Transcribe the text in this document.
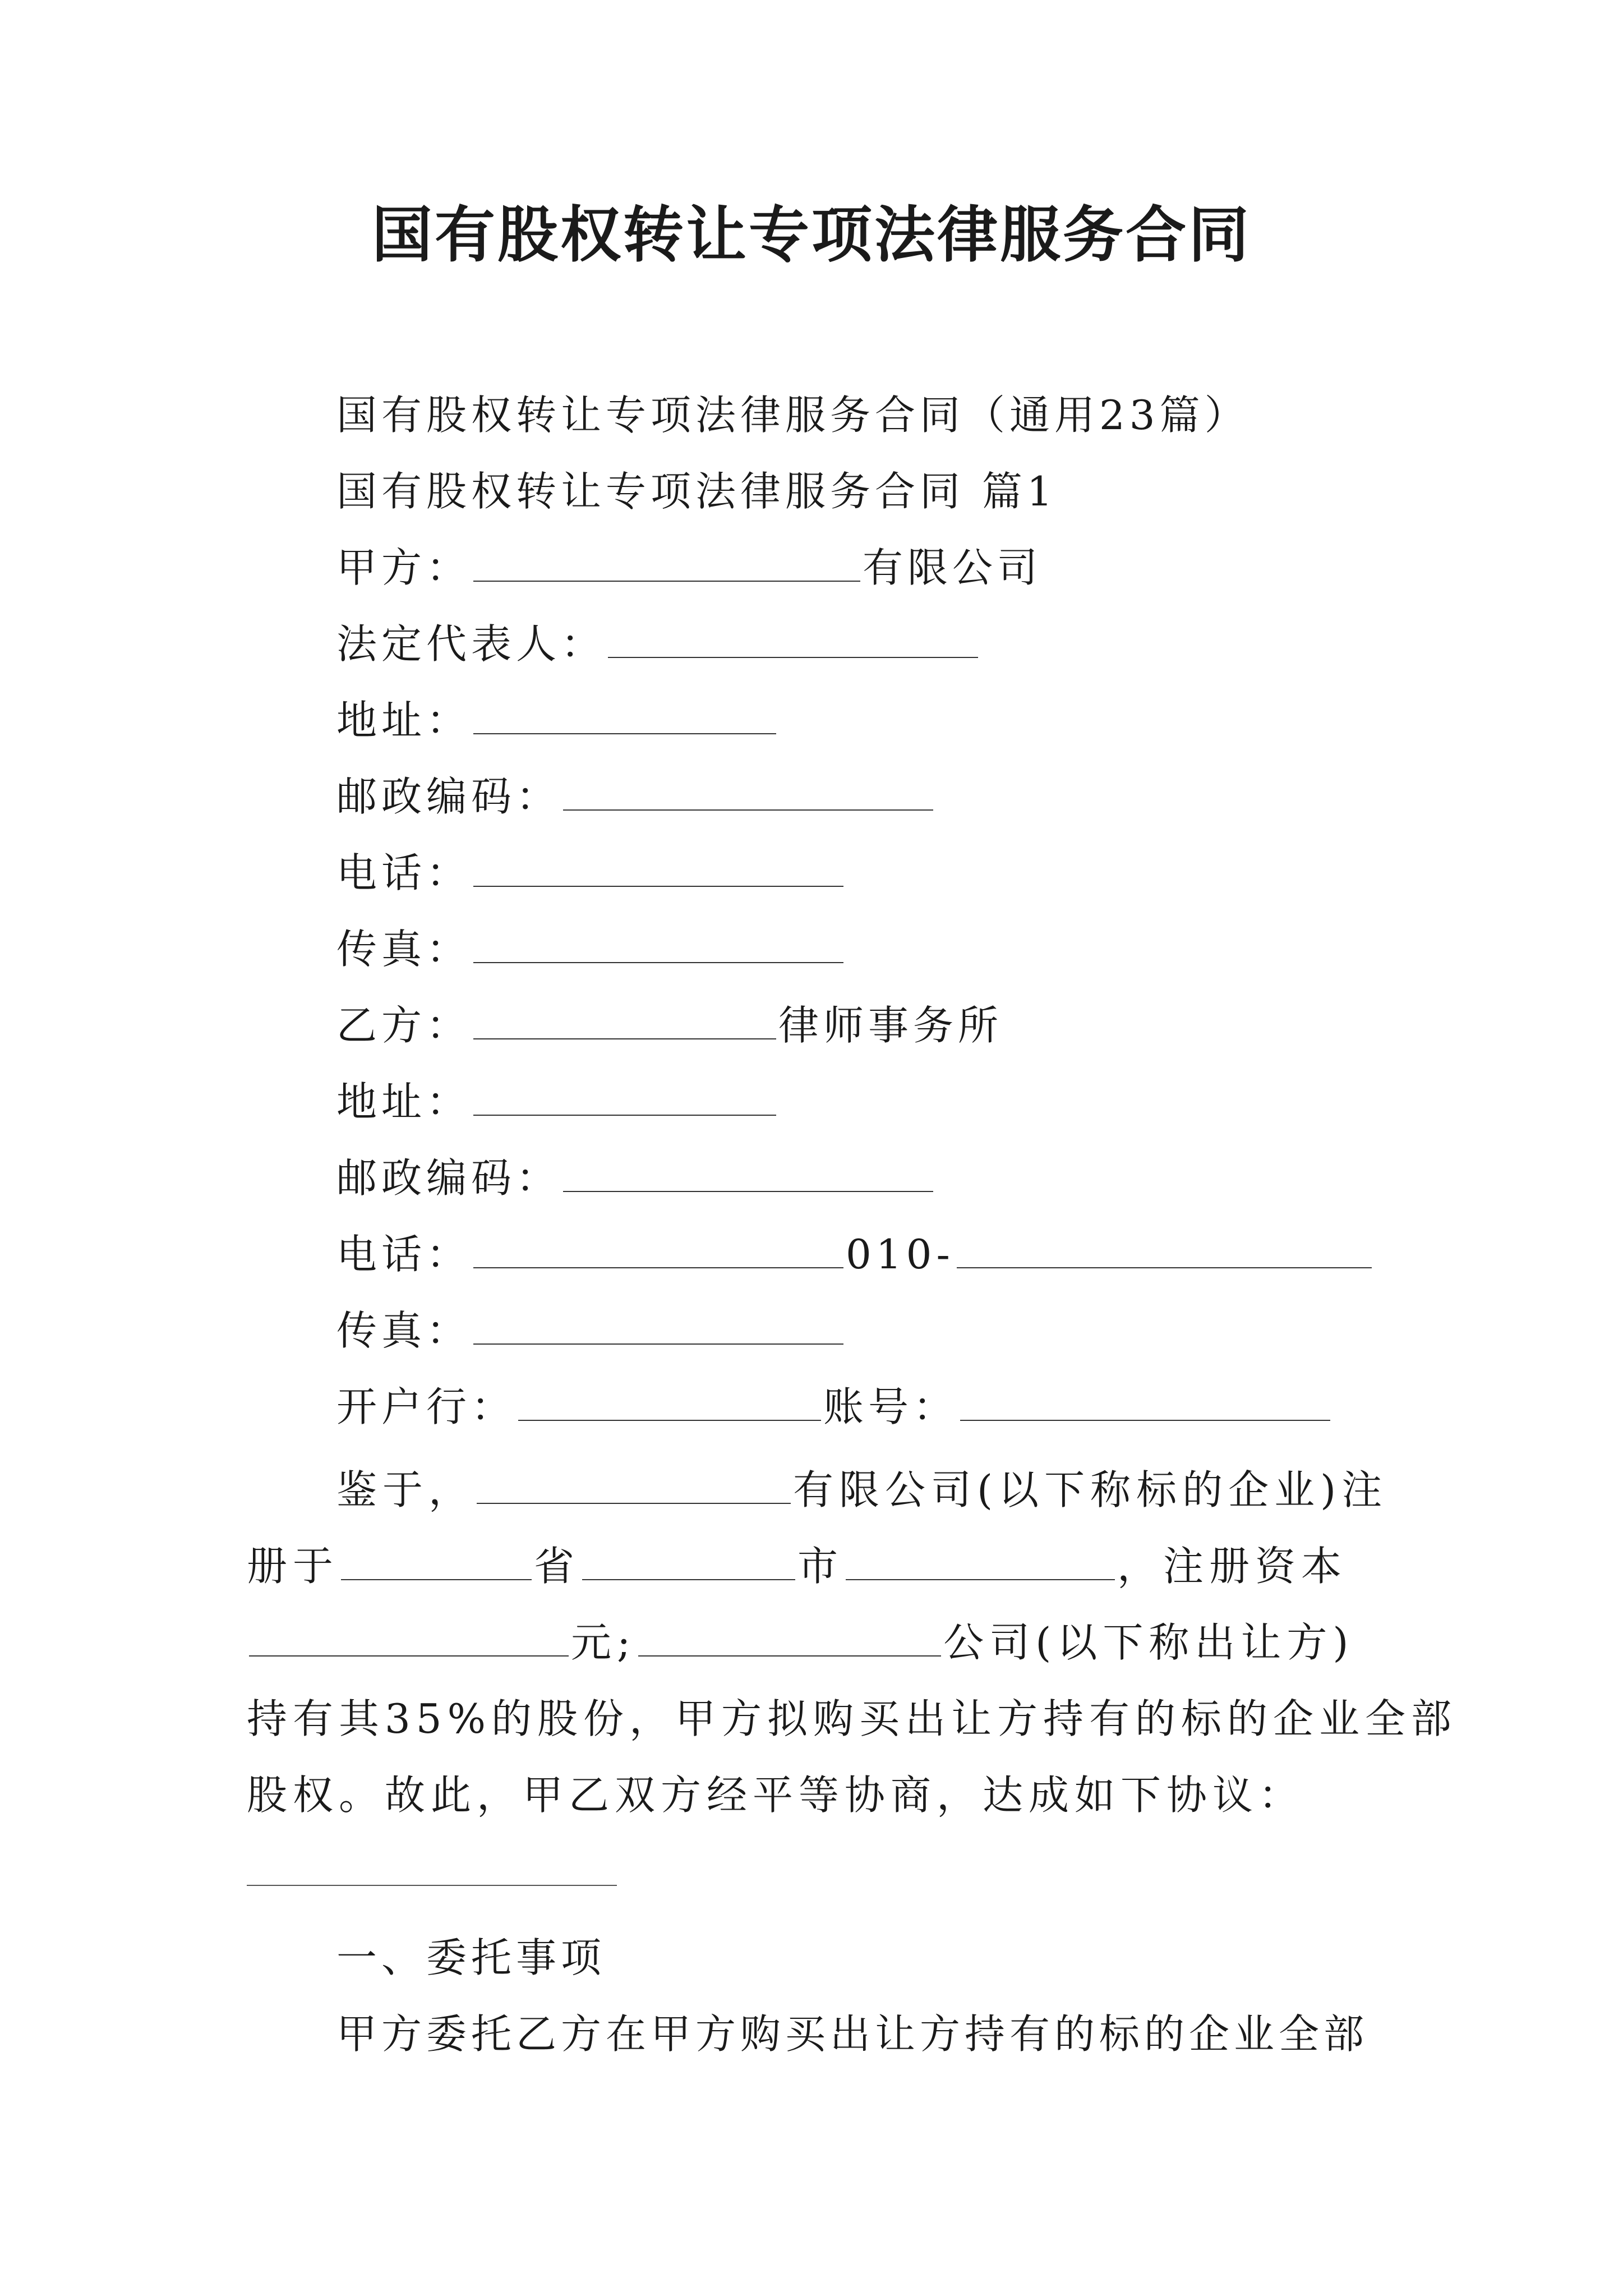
国有股权转让专项法律服务合同
国有股权转让专项法律服务合同（通用23篇）
国有股权转让专项法律服务合同 篇1
甲方：	有限公司
法定代表人：
地址：
邮政编码：
电话：
传真：
乙方：	律师事务所
地址：
邮政编码：
电话：	010-
传真：
开户行：	账号：

鉴于，	有限公司(以下称标的企业)注

册于	省	市	，注册资本

元;	公司(以下称出让方)

持有其35%的股份，甲方拟购买出让方持有的标的企业全部

股权。故此，甲乙双方经平等协商，达成如下协议：

一、委托事项
甲方委托乙方在甲方购买出让方持有的标的企业全部
